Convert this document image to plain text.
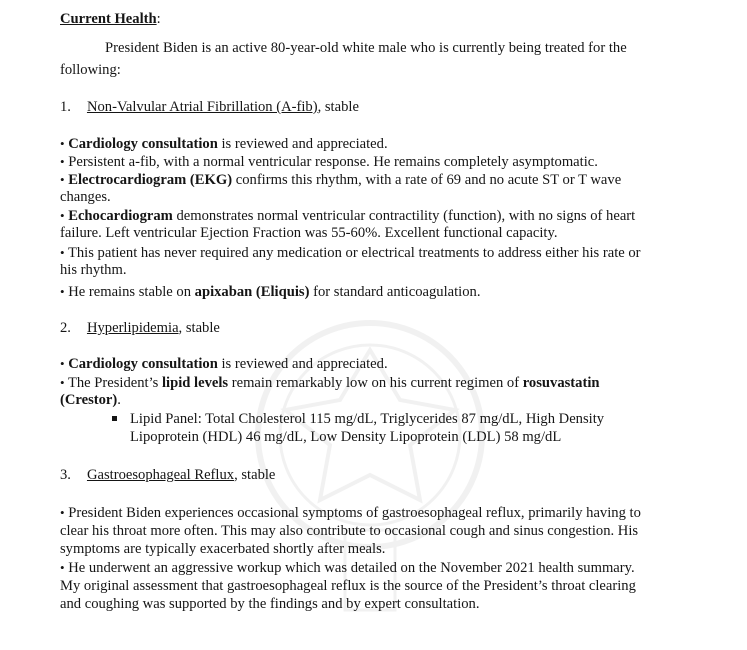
Current Health:
President Biden is an active 80-year-old white male who is currently being treated for the
following:
1. Non-Valvular Atrial Fibrillation (A-fib), stable
• Cardiology consultation is reviewed and appreciated.
• Persistent a-fib, with a normal ventricular response. He remains completely asymptomatic.
• Electrocardiogram (EKG) confirms this rhythm, with a rate of 69 and no acute ST or T wave
changes.
• Echocardiogram demonstrates normal ventricular contractility (function), with no signs of heart
failure. Left ventricular Ejection Fraction was 55-60%. Excellent functional capacity.
• This patient has never required any medication or electrical treatments to address either his rate or
his rhythm.
• He remains stable on apixaban (Eliquis) for standard anticoagulation.
2. Hyperlipidemia, stable
• Cardiology consultation is reviewed and appreciated.
• The President’s lipid levels remain remarkably low on his current regimen of rosuvastatin
(Crestor).
Lipid Panel: Total Cholesterol 115 mg/dL, Triglycerides 87 mg/dL, High Density
Lipoprotein (HDL) 46 mg/dL, Low Density Lipoprotein (LDL) 58 mg/dL
3. Gastroesophageal Reflux, stable
• President Biden experiences occasional symptoms of gastroesophageal reflux, primarily having to
clear his throat more often. This may also contribute to occasional cough and sinus congestion. His
symptoms are typically exacerbated shortly after meals.
• He underwent an aggressive workup which was detailed on the November 2021 health summary.
My original assessment that gastroesophageal reflux is the source of the President’s throat clearing
and coughing was supported by the findings and by expert consultation.
